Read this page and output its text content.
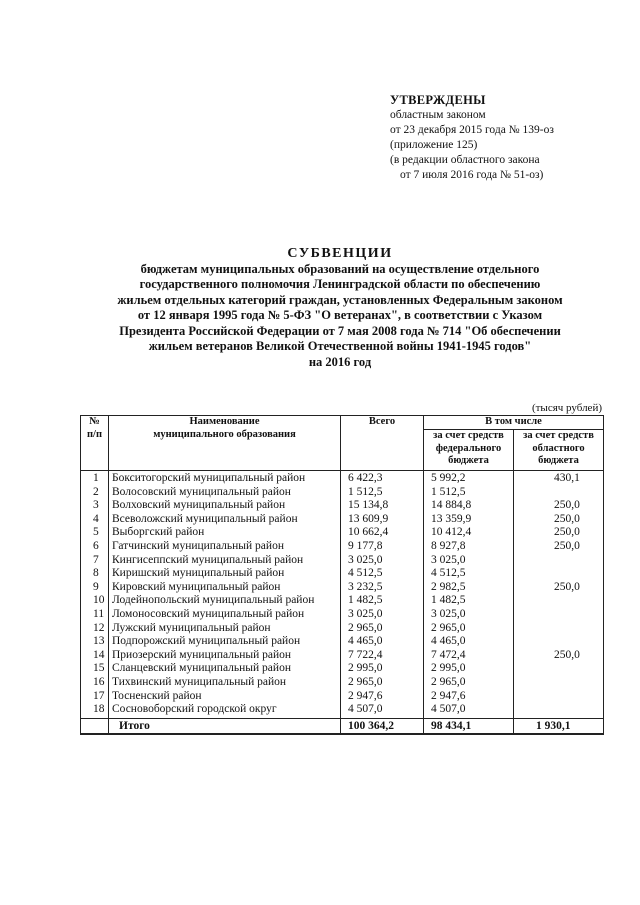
УТВЕРЖДЕНЫ
областным законом
от 23 декабря 2015 года № 139-оз
(приложение 125)
(в редакции областного закона
от 7 июля 2016 года № 51-оз)
СУБВЕНЦИИ
бюджетам муниципальных образований на осуществление отдельного
государственного полномочия Ленинградской области по обеспечению
жильем отдельных категорий граждан, установленных Федеральным законом
от 12 января 1995 года № 5-ФЗ "О ветеранах", в соответствии с Указом
Президента Российской Федерации от 7 мая 2008 года № 714 "Об обеспечении
жильем ветеранов Великой Отечественной войны 1941-1945 годов"
на 2016 год
(тысяч рублей)
№ п/п	Наименование
муниципального образования	Всего	В том числе	
			за счет средств федерального бюджета	за счет средств областного бюджета
1	Бокситогорский муниципальный район	6 422,3	5 992,2	430,1
2	Волосовский муниципальный район	1 512,5	1 512,5	
3	Волховский муниципальный район	15 134,8	14 884,8	250,0
4	Всеволожский муниципальный район	13 609,9	13 359,9	250,0
5	Выборгский район	10 662,4	10 412,4	250,0
6	Гатчинский муниципальный район	9 177,8	8 927,8	250,0
7	Кингисеппский муниципальный район	3 025,0	3 025,0	
8	Киришский муниципальный район	4 512,5	4 512,5	
9	Кировский муниципальный район	3 232,5	2 982,5	250,0
10	Лодейнопольский муниципальный район	1 482,5	1 482,5	
11	Ломоносовский муниципальный район	3 025,0	3 025,0	
12	Лужский муниципальный район	2 965,0	2 965,0	
13	Подпорожский муниципальный район	4 465,0	4 465,0	
14	Приозерский муниципальный район	7 722,4	7 472,4	250,0
15	Сланцевский муниципальный район	2 995,0	2 995,0	
16	Тихвинский муниципальный район	2 965,0	2 965,0	
17	Тосненский район	2 947,6	2 947,6	
18	Сосновоборский городской округ	4 507,0	4 507,0	
	Итого	100 364,2	98 434,1	1 930,1
